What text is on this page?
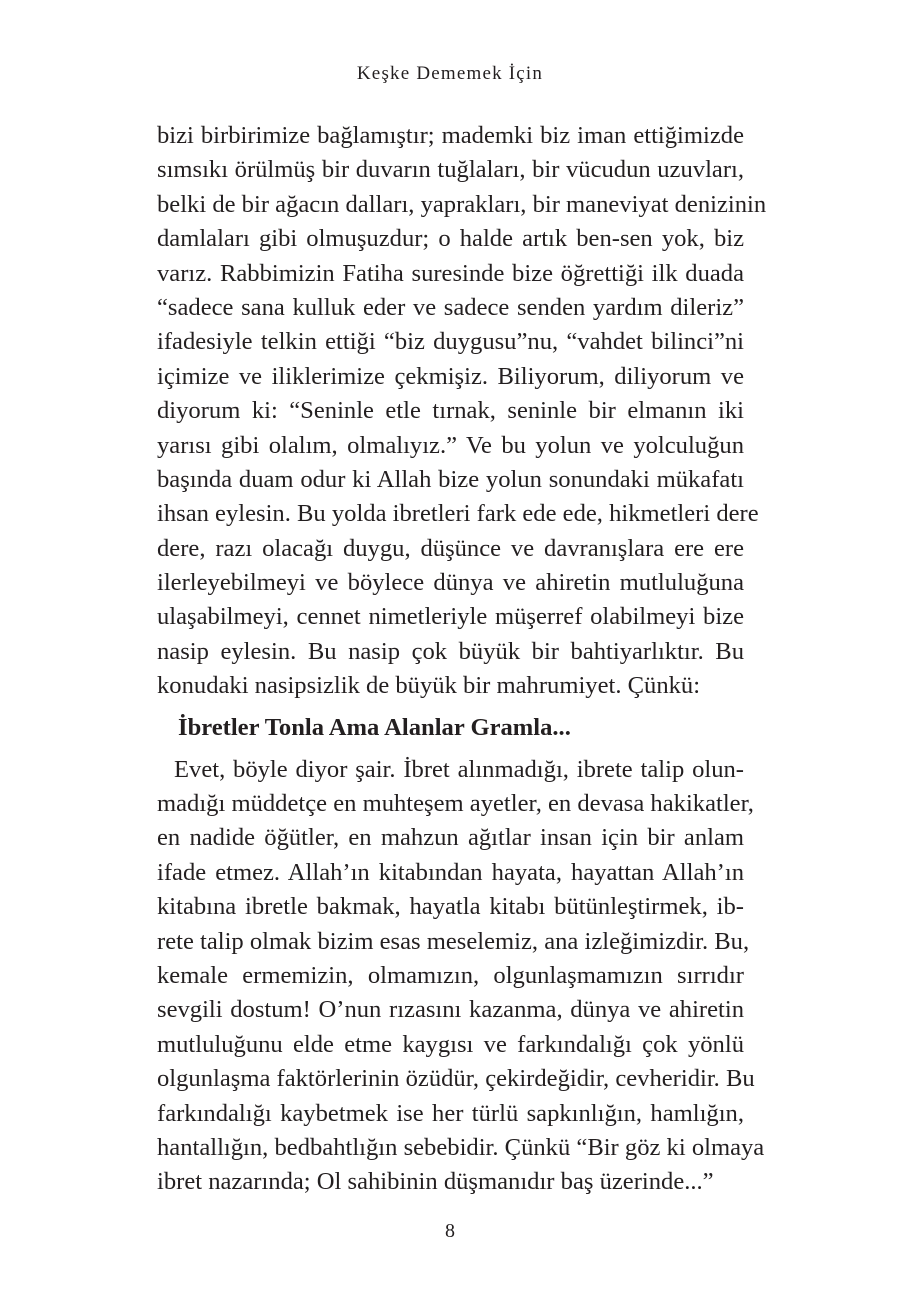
Keşke Dememek İçin
bizi birbirimize bağlamıştır; mademki biz iman ettiğimizde
sımsıkı örülmüş bir duvarın tuğlaları, bir vücudun uzuvları,
belki de bir ağacın dalları, yaprakları, bir maneviyat denizinin
damlaları gibi olmuşuzdur; o halde artık ben-sen yok, biz
varız. Rabbimizin Fatiha suresinde bize öğrettiği ilk duada
“sadece sana kulluk eder ve sadece senden yardım dileriz”
ifadesiyle telkin ettiği “biz duygusu”nu, “vahdet bilinci”ni
içimize ve iliklerimize çekmişiz. Biliyorum, diliyorum ve
diyorum ki: “Seninle etle tırnak, seninle bir elmanın iki
yarısı gibi olalım, olmalıyız.” Ve bu yolun ve yolculuğun
başında duam odur ki Allah bize yolun sonundaki mükafatı
ihsan eylesin. Bu yolda ibretleri fark ede ede, hikmetleri dere
dere, razı olacağı duygu, düşünce ve davranışlara ere ere
ilerleyebilmeyi ve böylece dünya ve ahiretin mutluluğuna
ulaşabilmeyi, cennet nimetleriyle müşerref olabilmeyi bize
nasip eylesin. Bu nasip çok büyük bir bahtiyarlıktır. Bu
konudaki nasipsizlik de büyük bir mahrumiyet. Çünkü:
İbretler Tonla Ama Alanlar Gramla...
Evet, böyle diyor şair. İbret alınmadığı, ibrete talip olun-
madığı müddetçe en muhteşem ayetler, en devasa hakikatler,
en nadide öğütler, en mahzun ağıtlar insan için bir anlam
ifade etmez. Allah’ın kitabından hayata, hayattan Allah’ın
kitabına ibretle bakmak, hayatla kitabı bütünleştirmek, ib-
rete talip olmak bizim esas meselemiz, ana izleğimizdir. Bu,
kemale ermemizin, olmamızın, olgunlaşmamızın sırrıdır
sevgili dostum! O’nun rızasını kazanma, dünya ve ahiretin
mutluluğunu elde etme kaygısı ve farkındalığı çok yönlü
olgunlaşma faktörlerinin özüdür, çekirdeğidir, cevheridir. Bu
farkındalığı kaybetmek ise her türlü sapkınlığın, hamlığın,
hantallığın, bedbahtlığın sebebidir. Çünkü “Bir göz ki olmaya
ibret nazarında; Ol sahibinin düşmanıdır baş üzerinde...”
8
